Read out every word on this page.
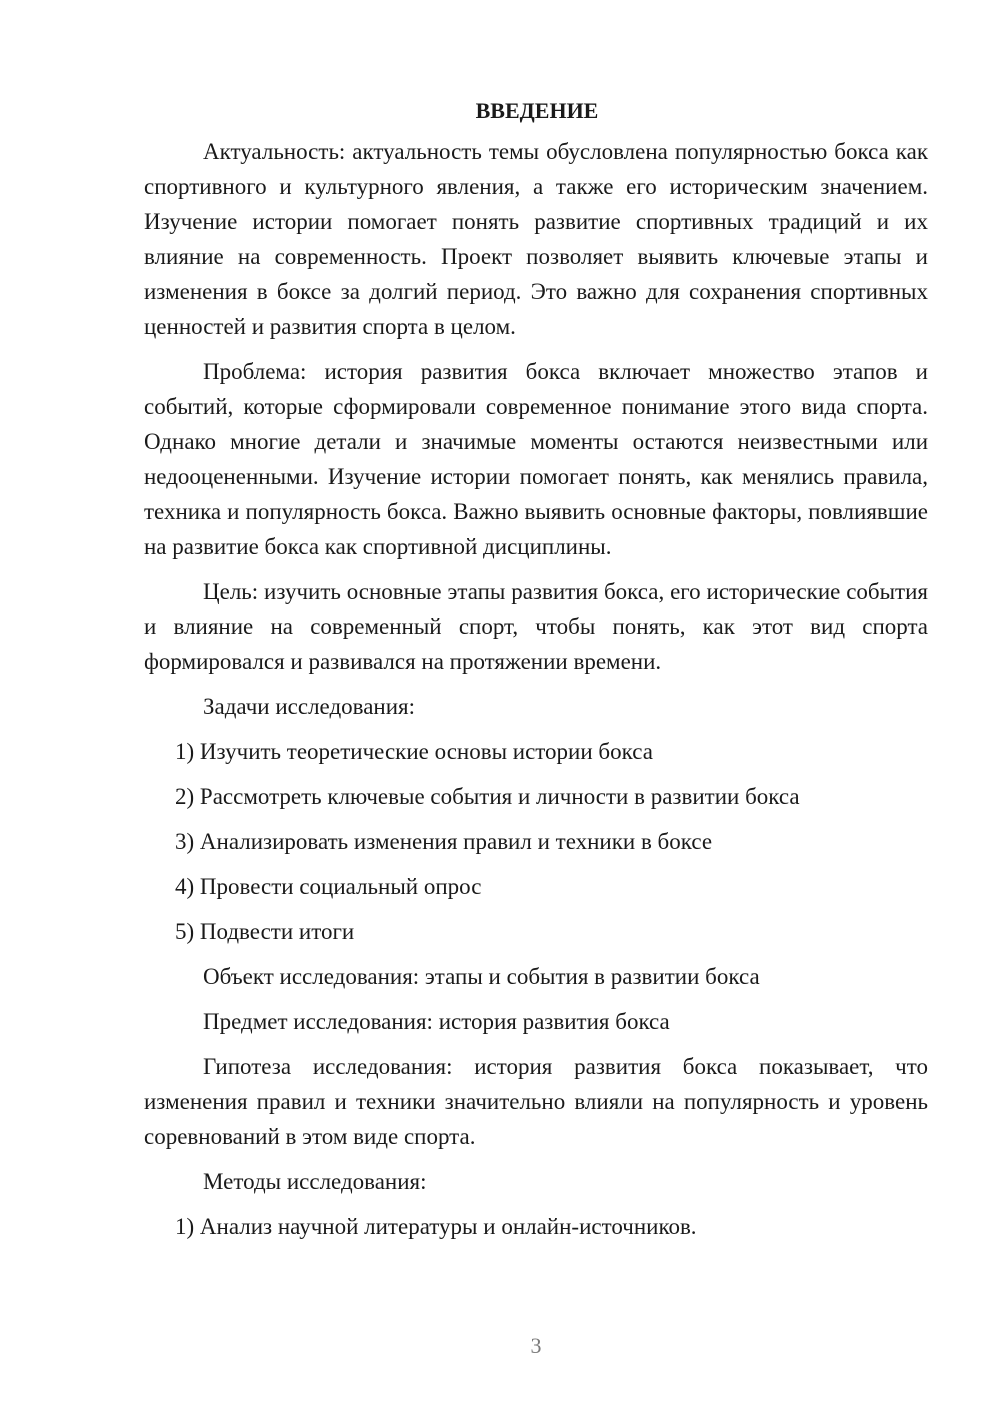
ВВЕДЕНИЕ

Актуальность: актуальность темы обусловлена популярностью бокса как спортивного и культурного явления, а также его историческим значением. Изучение истории помогает понять развитие спортивных традиций и их влияние на современность. Проект позволяет выявить ключевые этапы и изменения в боксе за долгий период. Это важно для сохранения спортивных ценностей и развития спорта в целом.

Проблема: история развития бокса включает множество этапов и событий, которые сформировали современное понимание этого вида спорта. Однако многие детали и значимые моменты остаются неизвестными или недооцененными. Изучение истории помогает понять, как менялись правила, техника и популярность бокса. Важно выявить основные факторы, повлиявшие на развитие бокса как спортивной дисциплины.

Цель: изучить основные этапы развития бокса, его исторические события и влияние на современный спорт, чтобы понять, как этот вид спорта формировался и развивался на протяжении времени.

Задачи исследования:
1) Изучить теоретические основы истории бокса
2) Рассмотреть ключевые события и личности в развитии бокса
3) Анализировать изменения правил и техники в боксе
4) Провести социальный опрос
5) Подвести итоги
Объект исследования: этапы и события в развитии бокса
Предмет исследования: история развития бокса

Гипотеза исследования: история развития бокса показывает, что изменения правил и техники значительно влияли на популярность и уровень соревнований в этом виде спорта.

Методы исследования:
1) Анализ научной литературы и онлайн-источников.
3
